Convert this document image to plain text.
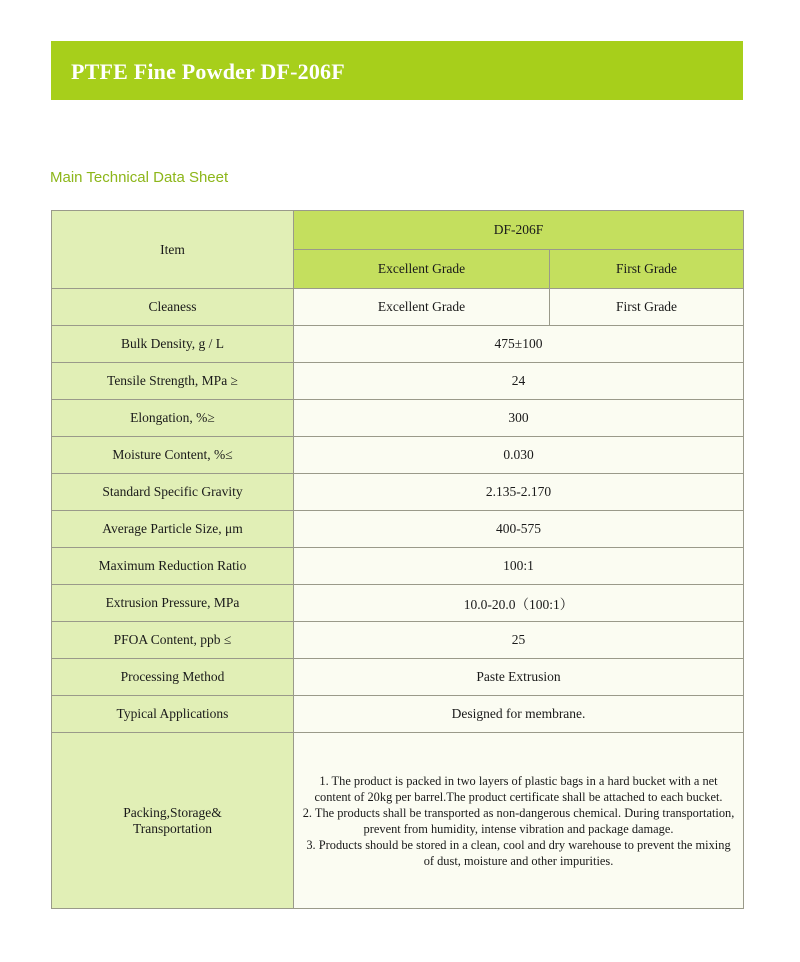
PTFE Fine Powder DF-206F
Main Technical Data Sheet
Item	DF-206F	
	Excellent Grade	First Grade
Cleaness	Excellent Grade	First Grade
Bulk Density, g / L	475±100	
Tensile Strength, MPa ≥	24	
Elongation, %≥	300	
Moisture Content, %≤	0.030	
Standard Specific Gravity	2.135-2.170	
Average Particle Size, μm	400-575	
Maximum Reduction Ratio	100:1	
Extrusion Pressure, MPa	10.0-20.0（100:1）	
PFOA Content, ppb ≤	25	
Processing Method	Paste Extrusion	
Typical Applications	Designed for membrane.	

Packing,Storage&
Transportation	1. The product is packed in two layers of plastic bags in a hard bucket with a net content of 20kg per barrel.The product certificate shall be attached to each bucket.
2. The products shall be transported as non-dangerous chemical. During transportation, prevent from humidity, intense vibration and package damage.
3. Products should be stored in a clean, cool and dry warehouse to prevent the mixing of dust, moisture and other impurities.	
